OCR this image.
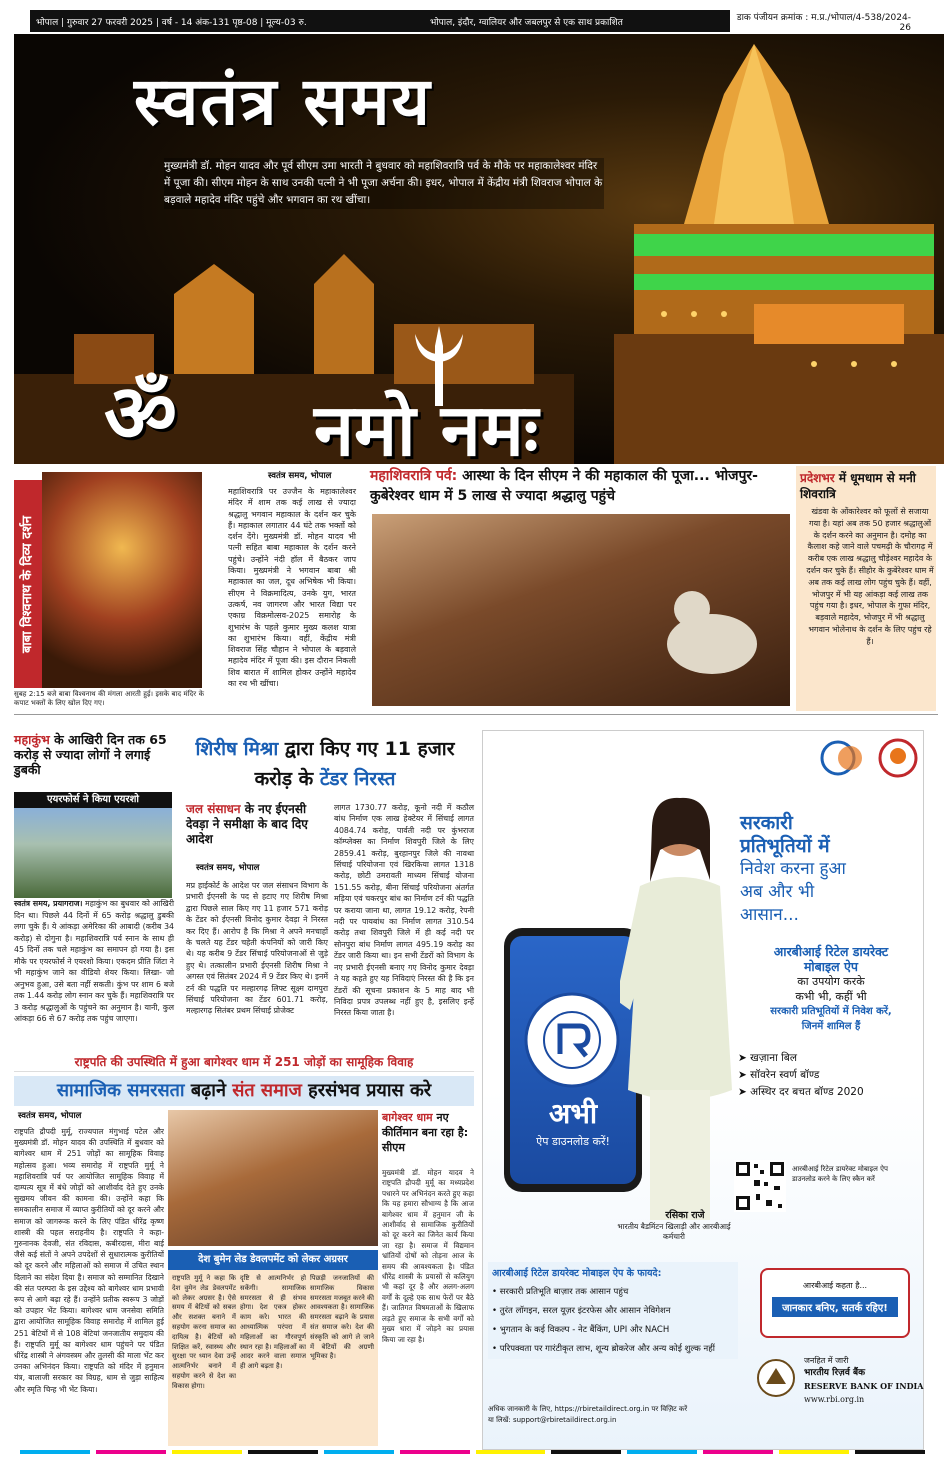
भोपाल | गुरुवार 27 फरवरी 2025 | वर्ष - 14 अंक-131 पृष्ठ-08 | मूल्य-03 रु.	भोपाल, इंदौर, ग्वालियर और जबलपुर से एक साथ प्रकाशित	डाक पंजीयन क्रमांक : म.प्र./भोपाल/4-538/2024-26
स्वतंत्र समय
मुख्यमंत्री डॉ. मोहन यादव और पूर्व सीएम उमा भारती ने बुधवार को महाशिवरात्रि पर्व के मौके पर महाकालेश्वर मंदिर में पूजा की। सीएम मोहन के साथ उनकी पत्नी ने भी पूजा अर्चना की। इधर, भोपाल में केंद्रीय मंत्री शिवराज भोपाल के बड़वाले महादेव मंदिर पहुंचे और भगवान का रथ खींचा।
ॐ नमो नमः
बाबा विश्वनाथ के दिव्य दर्शन
सुबह 2:15 बजे बाबा विश्वनाथ की मंगला आरती हुई। इसके बाद मंदिर के कपाट भक्तों के लिए खोल दिए गए।
स्वतंत्र समय, भोपाल
महाशिवरात्रि पर उज्जैन के महाकालेश्वर मंदिर में शाम तक कई लाख से ज्यादा श्रद्धालु भगवान महाकाल के दर्शन कर चुके हैं। महाकाल लगातार 44 घंटे तक भक्तों को दर्शन देंगे। मुख्यमंत्री डॉ. मोहन यादव भी पत्नी सहित बाबा महाकाल के दर्शन करने पहुंचे। उन्होंने नंदी हॉल में बैठकर जाप किया। मुख्यमंत्री ने भगवान बाबा श्री महाकाल का जल, दूध अभिषेक भी किया। सीएम ने विक्रमादित्य, उनके युग, भारत उत्कर्ष, नव जागरण और भारत विद्या पर एकाग्र विक्रमोत्सव-2025 समारोह के शुभारंभ के पहले कुमार मुख्य कलश यात्रा का शुभारंभ किया। वहीं, केंद्रीय मंत्री शिवराज सिंह चौहान ने भोपाल के बड़वाले महादेव मंदिर में पूजा की। इस दौरान निकली शिव बारात में शामिल होकर उन्होंने महादेव का रथ भी खींचा।
महाशिवरात्रि पर्व: आस्था के दिन सीएम ने की महाकाल की पूजा... भोजपुर-कुबेरेश्वर धाम में 5 लाख से ज्यादा श्रद्धालु पहुंचे
प्रदेशभर में धूमधाम से मनी शिवरात्रि
खंडवा के ओंकारेश्वर को फूलों से सजाया गया है। यहां अब तक 50 हजार श्रद्धालुओं के दर्शन करने का अनुमान है। दमोह का कैलाश कहे जाने वाले पचमढ़ी के चौरागढ़ में करीब एक लाख श्रद्धालु चौड़ेश्वर महादेव के दर्शन कर चुके हैं। सीहोर के कुबेरेश्वर धाम में अब तक कई लाख लोग पहुंच चुके हैं। वहीं, भोजपुर में भी यह आंकड़ा कई लाख तक पहुंच गया है। इधर, भोपाल के गुफा मंदिर, बड़वाले महादेव, भोजपुर में भी श्रद्धालु भगवान भोलेनाथ के दर्शन के लिए पहुंच रहे हैं।
महाकुंभ के आखिरी दिन तक 65 करोड़ से ज्यादा लोगों ने लगाई डुबकी
एयरफोर्स ने किया एयरशो
स्वतंत्र समय, प्रयागराज। महाकुंभ का बुधवार को आखिरी दिन था। पिछले 44 दिनों में 65 करोड़ श्रद्धालु डुबकी लगा चुके हैं। ये आंकड़ा अमेरिका की आबादी (करीब 34 करोड़) से दोगुना है। महाशिवरात्रि पर्व स्नान के साथ ही 45 दिनों तक चले महाकुंभ का समापन हो गया है। इस मौके पर एयरफोर्स ने एयरशो किया। एकदम प्रीति जिंटा ने भी महाकुंभ जाने का वीडियो शेयर किया। लिखा- जो अनुभव हुआ, उसे बता नहीं सकती। कुंभ पर शाम 6 बजे तक 1.44 करोड़ लोग स्नान कर चुके हैं। महाशिवरात्रि पर 3 करोड़ श्रद्धालुओं के पहुंचने का अनुमान है। यानी, कुल आंकड़ा 66 से 67 करोड़ तक पहुंच जाएगा।
शिरीष मिश्रा द्वारा किए गए 11 हजार करोड़ के टेंडर निरस्त
जल संसाधन के नए ईएनसी देवड़ा ने समीक्षा के बाद दिए आदेश
स्वतंत्र समय, भोपाल
मप्र हाईकोर्ट के आदेश पर जल संसाधन विभाग के प्रभारी ईएनसी के पद से हटाए गए शिरीष मिश्रा द्वारा पिछले साल किए गए 11 हजार 571 करोड़ के टेंडर को ईएनसी विनोद कुमार देवड़ा ने निरस्त कर दिए हैं। आरोप है कि मिश्रा ने अपने मनचाहों के चलते यह टेंडर चहेती कंपनियों को जारी किए थे। यह करीब 9 टेंडर सिंचाई परियोजनाओं से जुड़े हुए थे। तत्कालीन प्रभारी ईएनसी शिरीष मिश्रा ने अगस्त एवं सितंबर 2024 में 9 टेंडर किए थे। इनमें टर्न की पद्धति पर मल्हारगढ़ लिफ्ट सूक्ष्म दामपुरा सिंचाई परियोजना का टेंडर 601.71 करोड़, मल्हारगढ़ सितंबर प्रथम सिंचाई प्रोजेक्ट
लागत 1730.77 करोड़, कूनो नदी में कठौल बांध निर्माण एक लाख हेक्टेयर में सिंचाई लागत 4084.74 करोड़, पार्वती नदी पर कुंभराज कॉम्प्लेक्स का निर्माण शिवपुरी जिले के लिए 2859.41 करोड़, बुरहानपुर जिले की नावथा सिंचाई परियोजना एवं खिरकिया लागत 1318 करोड़, छोटी उमरावती माध्यम सिंचाई योजना 151.55 करोड़, बीना सिंचाई परियोजना अंतर्गत मड़िया एवं चकरपुर बांध का निर्माण टर्न की पद्धति पर कराया जाना था, लागत 19.12 करोड़, रेपनी नदी पर पायबांध का निर्माण लागत 310.54 करोड़ तथा शिवपुरी जिले में ही कई नदी पर सोनपुरा बांध निर्माण लागत 495.19 करोड़ का टेंडर जारी किया था। इन सभी टेंडरों को विभाग के नए प्रभारी ईएनसी बनाए गए विनोद कुमार देवड़ा ने यह कहते हुए यह निविदाएं निरस्त की है कि इन टेंडरों की सूचना प्रकाशन के 5 माह बाद भी निविदा प्रपत्र उपलब्ध नहीं हुए है, इसलिए इन्हें निरस्त किया जाता है।
राष्ट्रपति की उपस्थिति में हुआ बागेश्वर धाम में 251 जोड़ों का सामूहिक विवाह
सामाजिक समरसता बढ़ाने संत समाज हरसंभव प्रयास करे
स्वतंत्र समय, भोपाल
राष्ट्रपति द्रौपदी मुर्मू, राज्यपाल मंगुभाई पटेल और मुख्यमंत्री डॉ. मोहन यादव की उपस्थिति में बुधवार को बागेश्वर धाम में 251 जोड़ों का सामूहिक विवाह महोत्सव हुआ। भव्य समारोह में राष्ट्रपति मुर्मू ने महाशिवरात्रि पर्व पर आयोजित सामूहिक विवाह में दाम्पत्य सूत्र में बंधे जोड़ों को आशीर्वाद देते हुए उनके सुखमय जीवन की कामना की। उन्होंने कहा कि समकालीन समाज में व्याप्त कुरीतियों को दूर करने और समाज को जागरूक करने के लिए पंडित धीरेंद्र कृष्ण शास्त्री की पहल सराहनीय है। राष्ट्रपति ने कहा-गुरुनानक देवजी, संत रविदास, कबीरदास, मीरा बाई जैसे कई संतों ने अपने उपदेशों से सुधारात्मक कुरीतियों को दूर करने और महिलाओं को समाज में उचित स्थान दिलाने का संदेश दिया है। समाज को सम्मानित दिखाने की संत परम्परा के इस उद्देश्य को बागेश्वर धाम प्रभावी रूप से आगे बढ़ा रहे हैं। उन्होंने प्रतीक स्वरूप 3 जोड़ों को उपहार भेंट किया। बागेश्वर धाम जनसेवा समिति द्वारा आयोजित सामूहिक विवाह समारोह में शामिल हुई 251 बेटियों में से 108 बेटियां जनजातीय समुदाय की हैं। राष्ट्रपति मुर्मू का बागेश्वर धाम पहुंचने पर पंडित धीरेंद्र शास्त्री ने अंगवस्त्रम और तुलसी की माला भेंट कर उनका अभिनंदन किया। राष्ट्रपति को मंदिर में हनुमान यंत्र, बालाजी सरकार का विग्रह, धाम से जुड़ा साहित्य और स्मृति चिन्ह भी भेंट किया।
बागेश्वर धाम नए कीर्तिमान बना रहा है: सीएम
मुख्यमंत्री डॉ. मोहन यादव ने राष्ट्रपति द्रौपदी मुर्मू का मध्यप्रदेश पधारने पर अभिनंदन करते हुए कहा कि यह हमारा सौभाग्य है कि आज बागेश्वर धाम में हनुमान जी के आशीर्वाद से सामाजिक कुरीतियों को दूर करने का जिनेत कार्य किया जा रहा है। समाज में विद्यमान भ्रांतियों दोषों को तोड़ना आज के समय की आवश्यकता है। पंडित धीरेंद्र शास्त्री के प्रयासों से कलियुग भी कहां दूर है और अलग-अलग वर्गों के दूल्हे एक साथ फेरों पर बैठे हैं। जातिगत विषमताओं के खिलाफ लड़ते हुए समाज के सभी वर्गों को मुख्य धारा में जोड़ने का प्रयास किया जा रहा है।
देश बुमेन लेड डेवलपमेंट को लेकर अग्रसर
राष्ट्रपति मुर्मू ने कहा कि देश वुमेन लेड डेवलपमेंट को लेकर अग्रसर है। ऐसे समय में बेटियों को सबल और सशक्त बनाने में सहयोग करना समाज का दायित्व है। बेटियों को शिक्षित करें, स्वास्थ्य और सुरक्षा पर ध्यान देवा उन्हें आत्मनिर्भर बनाने में सहयोग करने से देश का विकास होगा।
दृष्टि से आत्मनिर्भर हो सकेंगी। सामाजिक समरसता से ही संभव होगा। देश एकत्र होकर काम करे। भारत की आध्यात्मिक परंपरा में महिलाओं का गौरवपूर्ण स्थान रहा है। महिलाओं का आदर करने वाला समाज ही आगे बढ़ता है।
पिछड़ी जनजातियों की सामाजिक विकास समरसता मजबूत करने की आवश्यकता है। सामाजिक समरसता बढ़ाने के प्रयास संत समाज करे। देश की संस्कृति को आगे ले जाने में बेटियों की अग्रणी भूमिका है।
सरकारी
प्रतिभूतियों में
निवेश करना हुआ
अब और भी
आसान...
आरबीआई रिटेल डायरेक्ट
मोबाइल ऐप
का उपयोग करके
कभी भी, कहीं भी
सरकारी प्रतिभूतियों में निवेश करें,
जिनमें शामिल हैं
➤ खज़ाना बिल
➤ सॉवरेन स्वर्ण बॉण्ड
➤ अस्थिर दर बचत बॉण्ड 2020
अभी
ऐप डाउनलोड करें!
रसिका राजे
भारतीय बैडमिंटन खिलाड़ी और आरबीआई कर्मचारी
आरबीआई रिटेल डायरेक्ट मोबाइल ऐप डाउनलोड करने के लिए स्कैन करें
आरबीआई रिटेल डायरेक्ट मोबाइल ऐप के फायदे:
• सरकारी प्रतिभूति बाज़ार तक आसान पहुंच
• तुरंत लॉगइन, सरल यूज़र इंटरफेस और आसान नेविगेशन
• भुगतान के कई विकल्प - नेट बैंकिंग, UPI और NACH
• परिपक्वता पर गारंटीकृत लाभ, शून्य ब्रोकरेज और अन्य कोई शुल्क नहीं
अधिक जानकारी के लिए, https://rbiretaildirect.org.in पर विज़िट करें
या लिखें: support@rbiretaildirect.org.in
आरबीआई कहता है...
जानकार बनिए, सतर्क रहिए!
जनहित में जारी
भारतीय रिज़र्व बैंक
RESERVE BANK OF INDIA
www.rbi.org.in
